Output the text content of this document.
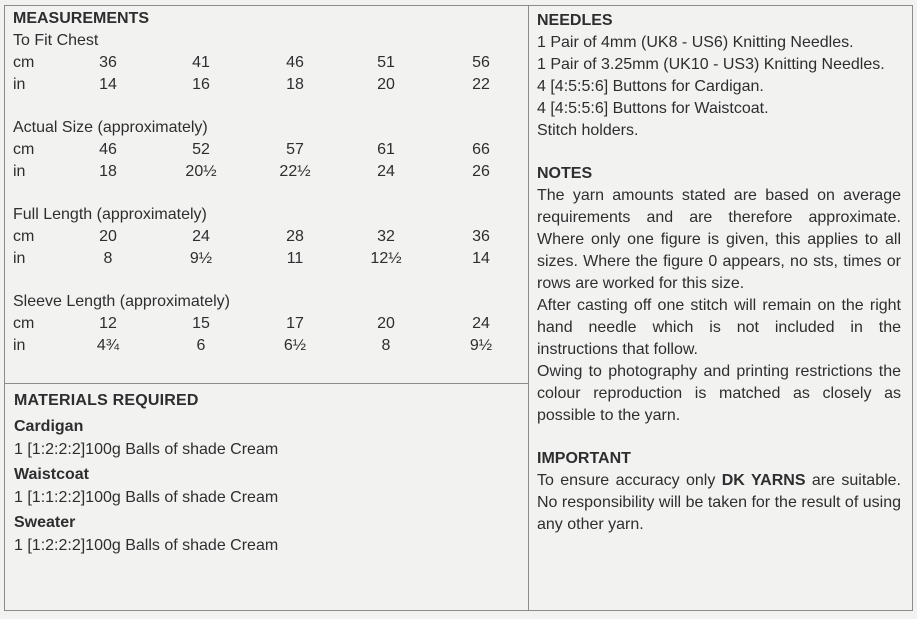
MEASUREMENTS
To Fit Chest
cm	36	41	46	51	56
in	14	16	18	20	22
Actual Size (approximately)
cm	46	52	57	61	66
in	18	20½	22½	24	26
Full Length (approximately)
cm	20	24	28	32	36
in	8	9½	11	12½	14
Sleeve Length (approximately)
cm	12	15	17	20	24
in	4¾	6	6½	8	9½
MATERIALS REQUIRED
Cardigan
1 [1:2:2:2]100g Balls of shade Cream
Waistcoat
1 [1:1:2:2]100g Balls of shade Cream
Sweater
1 [1:2:2:2]100g Balls of shade Cream

NEEDLES

1 Pair of 4mm (UK8 - US6) Knitting Needles.

1 Pair of 3.25mm (UK10 - US3) Knitting Needles.

4 [4:5:5:6] Buttons for Cardigan.

4 [4:5:5:6] Buttons for Waistcoat.

Stitch holders.

NOTES

The yarn amounts stated are based on average requirements and are therefore approximate. Where only one figure is given, this applies to all sizes. Where the figure 0 appears, no sts, times or rows are worked for this size.

After casting off one stitch will remain on the right hand needle which is not included in the instructions that follow.

Owing to photography and printing restrictions the colour reproduction is matched as closely as possible to the yarn.

IMPORTANT

To ensure accuracy only DK YARNS are suitable. No responsibility will be taken for the result of using any other yarn.
